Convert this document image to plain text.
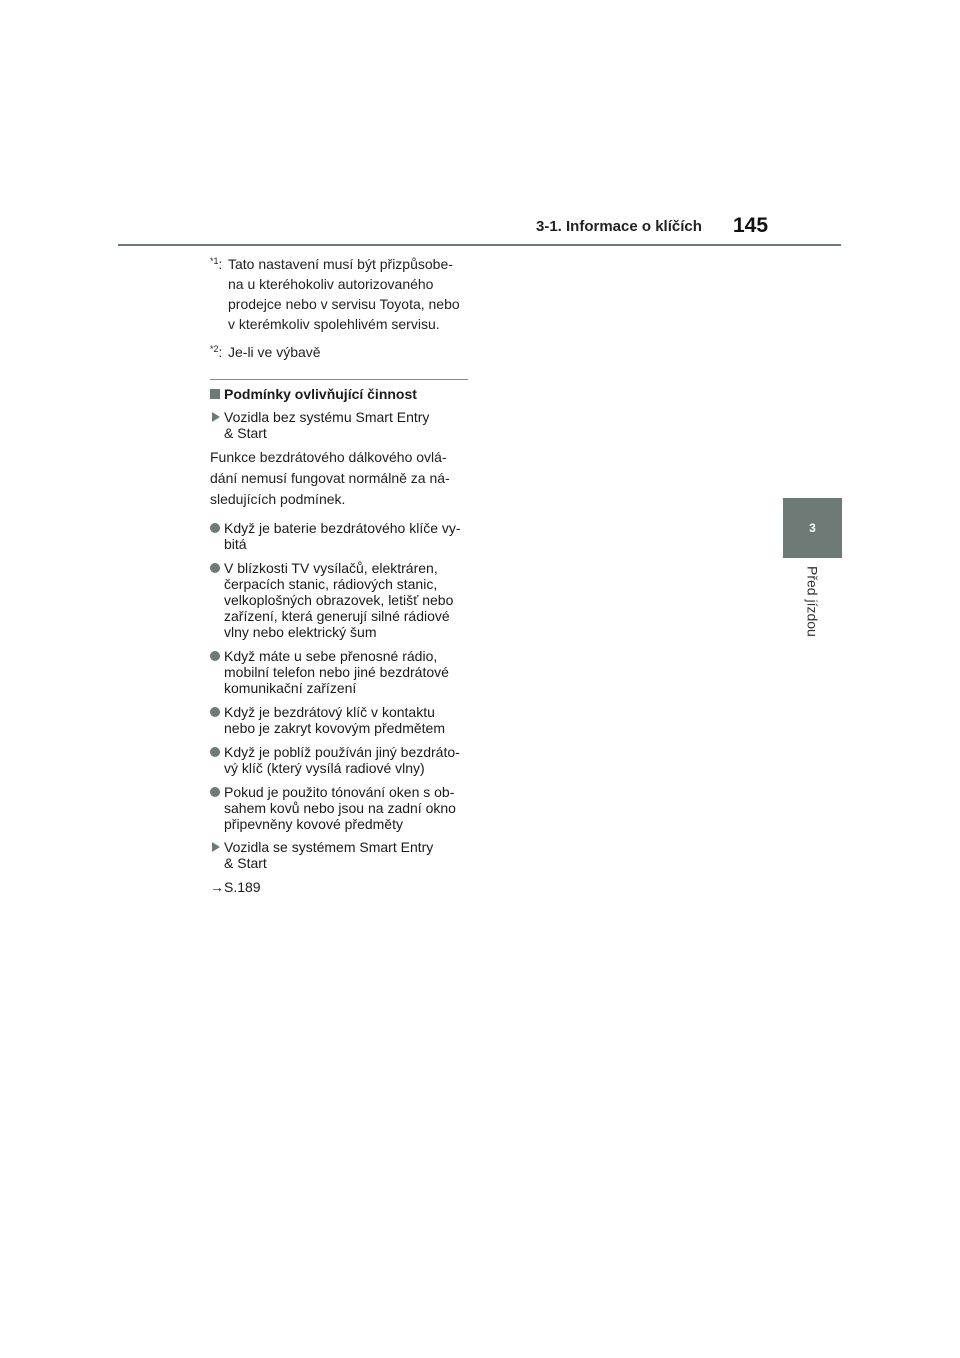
3-1. Informace o klíčích 145
3
Před jízdou
$^{*1}$: Tato nastavení musí být přizpůsobe-
na u kteréhokoliv autorizovaného
prodejce nebo v servisu Toyota, nebo
v kterémkoliv spolehlivém servisu.
$^{*2}$: Je-li ve výbavě
Podmínky ovlivňující činnost
Vozidla bez systému Smart Entry
& Start
Funkce bezdrátového dálkového ovlá-
dání nemusí fungovat normálně za ná-
sledujících podmínek.
Když je baterie bezdrátového klíče vy-
bitá
V blízkosti TV vysílačů, elektráren,
čerpacích stanic, rádiových stanic,
velkoplošných obrazovek, letišť nebo
zařízení, která generují silné rádiové
vlny nebo elektrický šum
Když máte u sebe přenosné rádio,
mobilní telefon nebo jiné bezdrátové
komunikační zařízení
Když je bezdrátový klíč v kontaktu
nebo je zakryt kovovým předmětem
Když je poblíž používán jiný bezdráto-
vý klíč (který vysílá radiové vlny)
Pokud je použito tónování oken s ob-
sahem kovů nebo jsou na zadní okno
připevněny kovové předměty
Vozidla se systémem Smart Entry
& Start
→S.189
